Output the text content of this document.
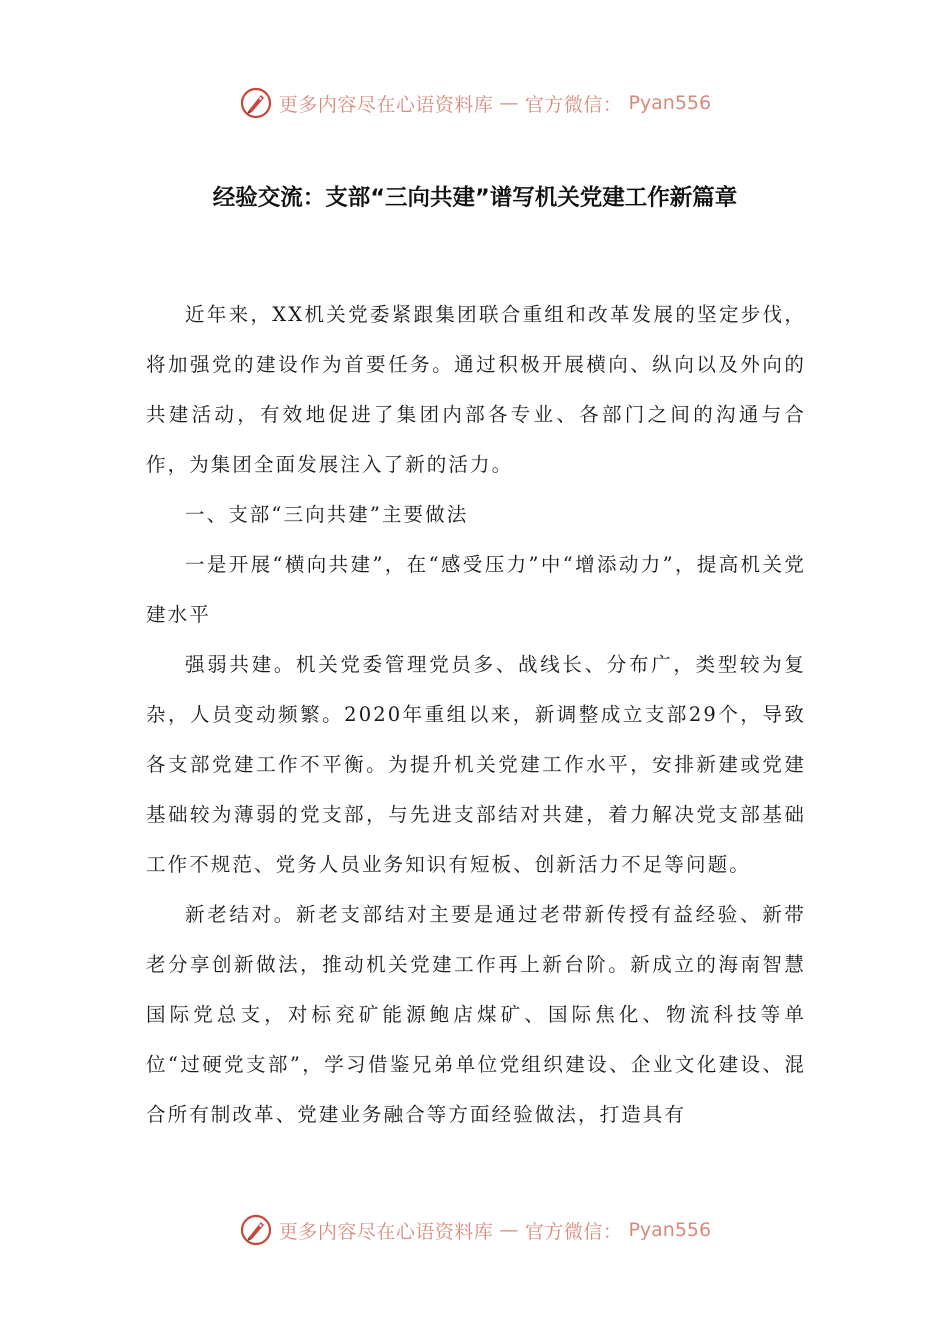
更多内容尽在心语资料库 — 官方微信： Pyan556
经验交流：支部“三向共建”谱写机关党建工作新篇章

近年来，XX机关党委紧跟集团联合重组和改革发展的坚定步伐，将加强党的建设作为首要任务。通过积极开展横向、纵向以及外向的共建活动，有效地促进了集团内部各专业、各部门之间的沟通与合作，为集团全面发展注入了新的活力。

一、支部“三向共建”主要做法

一是开展“横向共建”，在“感受压力”中“增添动力”，提高机关党建水平

强弱共建。机关党委管理党员多、战线长、分布广，类型较为复杂，人员变动频繁。2020年重组以来，新调整成立支部29个，导致各支部党建工作不平衡。为提升机关党建工作水平，安排新建或党建基础较为薄弱的党支部，与先进支部结对共建，着力解决党支部基础工作不规范、党务人员业务知识有短板、创新活力不足等问题。

新老结对。新老支部结对主要是通过老带新传授有益经验、新带老分享创新做法，推动机关党建工作再上新台阶。新成立的海南智慧国际党总支，对标兖矿能源鲍店煤矿、国际焦化、物流科技等单位“过硬党支部”，学习借鉴兄弟单位党组织建设、企业文化建设、混合所有制改革、党建业务融合等方面经验做法，打造具有

更多内容尽在心语资料库 — 官方微信： Pyan556
